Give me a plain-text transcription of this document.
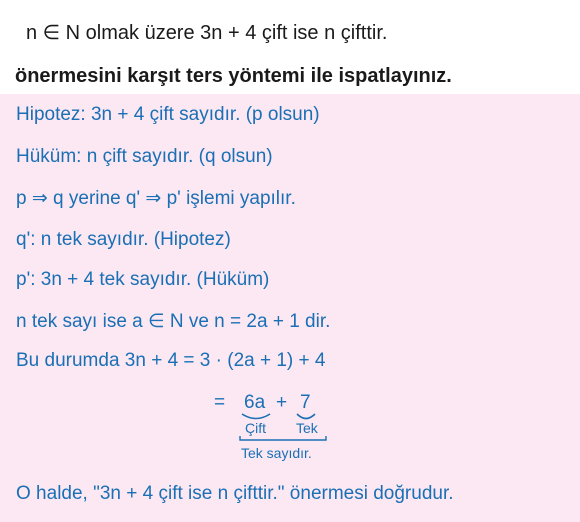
n ∈ N olmak üzere 3n + 4 çift ise n çifttir.
önermesini karşıt ters yöntemi ile ispatlayınız.
Hipotez: 3n + 4 çift sayıdır. (p olsun)
Hüküm: n çift sayıdır. (q olsun)
p ⇒ q yerine q' ⇒ p' işlemi yapılır.
q': n tek sayıdır. (Hipotez)
p': 3n + 4 tek sayıdır. (Hüküm)
n tek sayı ise a ∈ N ve n = 2a + 1 dir.
Bu durumda 3n + 4 = 3 · (2a + 1) + 4
= 6a + 7
Çift Tek
Tek sayıdır.
O halde, "3n + 4 çift ise n çifttir." önermesi doğrudur.
